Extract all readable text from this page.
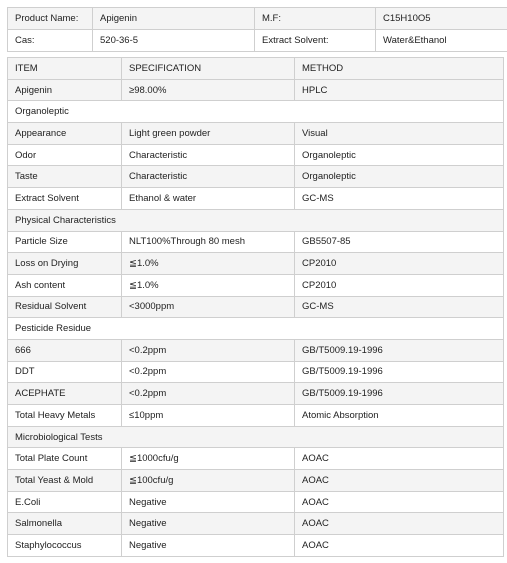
Product Name:	Apigenin	M.F:	C15H10O5
Cas:	520-36-5	Extract Solvent:	Water&Ethanol
ITEM	SPECIFICATION	METHOD
Apigenin	≥98.00%	HPLC
Organoleptic		
Appearance	Light green powder	Visual
Odor	Characteristic	Organoleptic
Taste	Characteristic	Organoleptic
Extract Solvent	Ethanol & water	GC-MS
Physical Characteristics		
Particle Size	NLT100%Through 80 mesh	GB5507-85
Loss on Drying	≦1.0%	CP2010
Ash content	≦1.0%	CP2010
Residual Solvent	<3000ppm	GC-MS
Pesticide Residue		
666	<0.2ppm	GB/T5009.19-1996
DDT	<0.2ppm	GB/T5009.19-1996
ACEPHATE	<0.2ppm	GB/T5009.19-1996
Total Heavy Metals	≤10ppm	Atomic Absorption
Microbiological Tests		
Total Plate Count	≦1000cfu/g	AOAC
Total Yeast & Mold	≦100cfu/g	AOAC
E.Coli	Negative	AOAC
Salmonella	Negative	AOAC
Staphylococcus	Negative	AOAC
